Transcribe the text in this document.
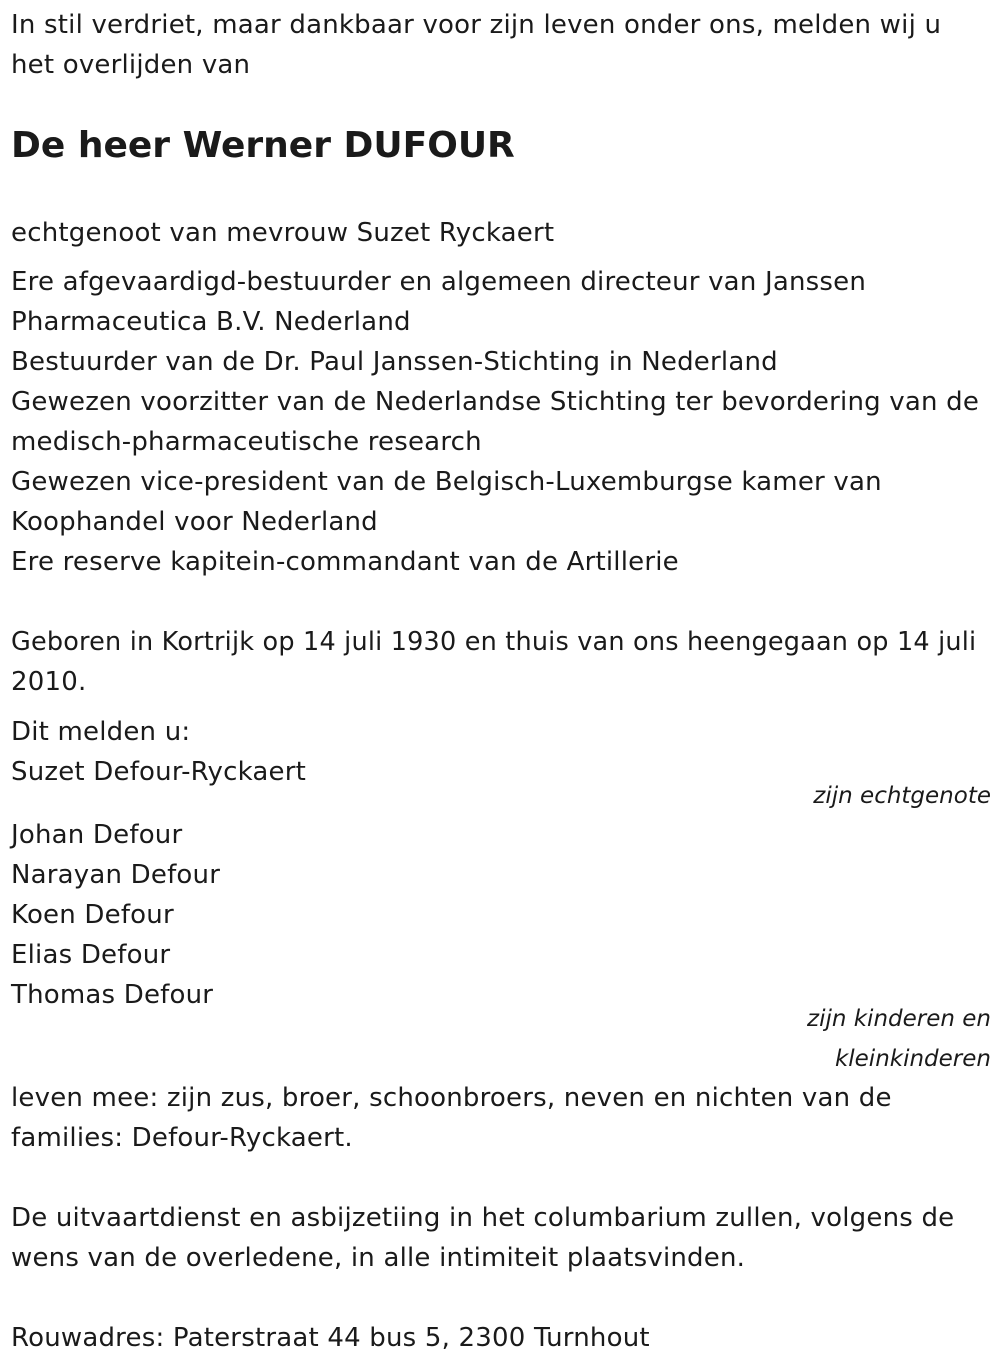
In stil verdriet, maar dankbaar voor zijn leven onder ons, melden wij u
het overlijden van
De heer Werner DUFOUR
echtgenoot van mevrouw Suzet Ryckaert
Ere afgevaardigd-bestuurder en algemeen directeur van Janssen
Pharmaceutica B.V. Nederland
Bestuurder van de Dr. Paul Janssen-Stichting in Nederland
Gewezen voorzitter van de Nederlandse Stichting ter bevordering van de
medisch-pharmaceutische research
Gewezen vice-president van de Belgisch-Luxemburgse kamer van
Koophandel voor Nederland
Ere reserve kapitein-commandant van de Artillerie
Geboren in Kortrijk op 14 juli 1930 en thuis van ons heengegaan op 14 juli
2010.
Dit melden u:
Suzet Defour-Ryckaert
zijn echtgenote
Johan Defour
Narayan Defour
Koen Defour
Elias Defour
Thomas Defour
zijn kinderen en
kleinkinderen
leven mee: zijn zus, broer, schoonbroers, neven en nichten van de
families: Defour-Ryckaert.
De uitvaartdienst en asbijzetiing in het columbarium zullen, volgens de
wens van de overledene, in alle intimiteit plaatsvinden.
Rouwadres: Paterstraat 44 bus 5, 2300 Turnhout
